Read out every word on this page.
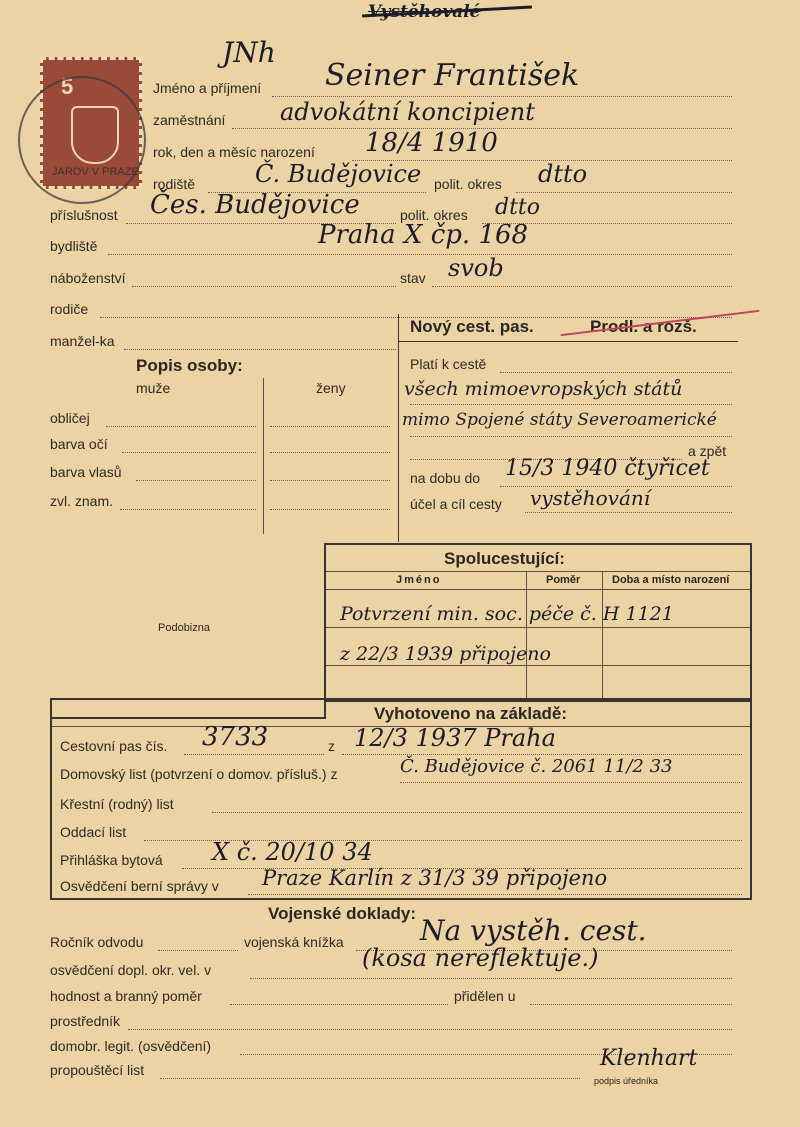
Vystěhovalé
JNh
5
JAROV V PRAZE
Jméno a příjmení Seiner František
zaměstnání advokátní koncipient
rok, den a měsíc narození 18/4 1910
rodiště Č. Budějovice polit. okres dtto
příslušnost Čes. Budějovice	polit. okres dtto
bydliště	Praha X čp. 168
náboženství	stav svob
rodiče
manžel-ka
Nový cest. pas.	Prodl. a rozš.
Platí k cestě
všech mimoevropských států
mimo Spojené státy Severoamerické
a zpět
na dobu do 15/3 1940 čtyřicet
účel a cíl cesty vystěhování
Popis osoby:
muže	ženy
obličej
barva očí
barva vlasů
zvl. znam.
Podobizna
Spolucestující:
Jméno	Poměr	Doba a místo narození
Potvrzení min. soc. péče č. H 1121
z 22/3 1939 připojeno
Vyhotoveno na základě:
Cestovní pas čís. 3733	z 12/3 1937 Praha
Domovský list (potvrzení o domov. přísluš.) z	Č. Budějovice č. 2061 11/2 33
Křestní (rodný) list
Oddací list
Přihláška bytová X č. 20/10 34
Osvědčení berní správy v Praze Karlín z 31/3 39 připojeno
Vojenské doklady:
Ročník odvodu	vojenská knížka	Na vystěh. cest.
osvědčení dopl. okr. vel. v	(kosa nereflektuje.)
hodnost a branný poměr	přidělen u
prostředník
domobr. legit. (osvědčení)
propouštěcí list	Klenhart
podpis úředníka
